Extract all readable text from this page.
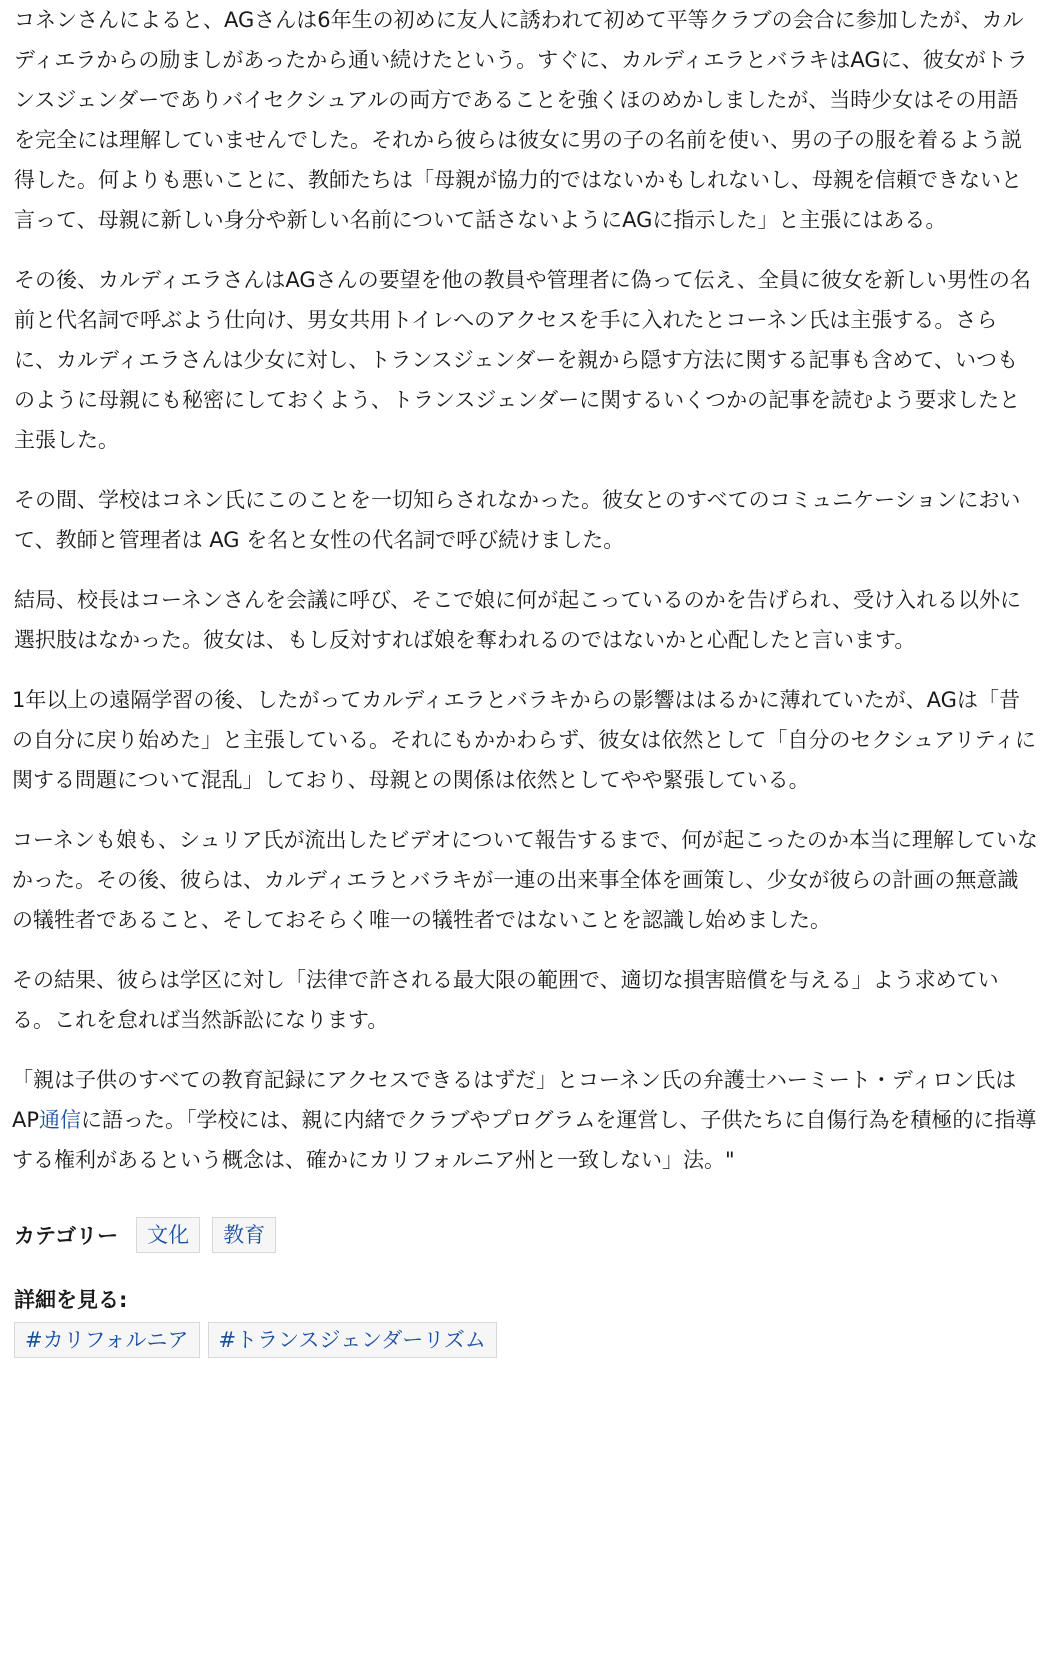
コネンさんによると、AGさんは6年生の初めに友人に誘われて初めて平等クラブの会合に参加したが、カルディエラからの励ましがあったから通い続けたという。すぐに、カルディエラとバラキはAGに、彼女がトランスジェンダーでありバイセクシュアルの両方であることを強くほのめかしましたが、当時少女はその用語を完全には理解していませんでした。それから彼らは彼女に男の子の名前を使い、男の子の服を着るよう説得した。何よりも悪いことに、教師たちは「母親が協力的ではないかもしれないし、母親を信頼できないと言って、母親に新しい身分や新しい名前について話さないようにAGに指示した」と主張にはある。

その後、カルディエラさんはAGさんの要望を他の教員や管理者に偽って伝え、全員に彼女を新しい男性の名前と代名詞で呼ぶよう仕向け、男女共用トイレへのアクセスを手に入れたとコーネン氏は主張する。さらに、カルディエラさんは少女に対し、トランスジェンダーを親から隠す方法に関する記事も含めて、いつものように母親にも秘密にしておくよう、トランスジェンダーに関するいくつかの記事を読むよう要求したと主張した。

その間、学校はコネン氏にこのことを一切知らされなかった。彼女とのすべてのコミュニケーションにおいて、教師と管理者は AG を名と女性の代名詞で呼び続けました。

結局、校長はコーネンさんを会議に呼び、そこで娘に何が起こっているのかを告げられ、受け入れる以外に選択肢はなかった。彼女は、もし反対すれば娘を奪われるのではないかと心配したと言います。

1年以上の遠隔学習の後、したがってカルディエラとバラキからの影響ははるかに薄れていたが、AGは「昔の自分に戻り始めた」と主張している。それにもかかわらず、彼女は依然として「自分のセクシュアリティに関する問題について混乱」しており、母親との関係は依然としてやや緊張している。

コーネンも娘も、シュリア氏が流出したビデオについて報告するまで、何が起こったのか本当に理解していなかった。その後、彼らは、カルディエラとバラキが一連の出来事全体を画策し、少女が彼らの計画の無意識の犠牲者であること、そしておそらく唯一の犠牲者ではないことを認識し始めました。

その結果、彼らは学区に対し「法律で許される最大限の範囲で、適切な損害賠償を与える」よう求めている。これを怠れば当然訴訟になります。

「親は子供のすべての教育記録にアクセスできるはずだ」とコーネン氏の弁護士ハーミート・ディロン氏はAP通信に語った。「学校には、親に内緒でクラブやプログラムを運営し、子供たちに自傷行為を積極的に指導する権利があるという概念は、確かにカリフォルニア州と一致しない」法。"

カテゴリー	文化	教育
詳細を見る:
#カリフォルニア	#トランスジェンダーリズム
